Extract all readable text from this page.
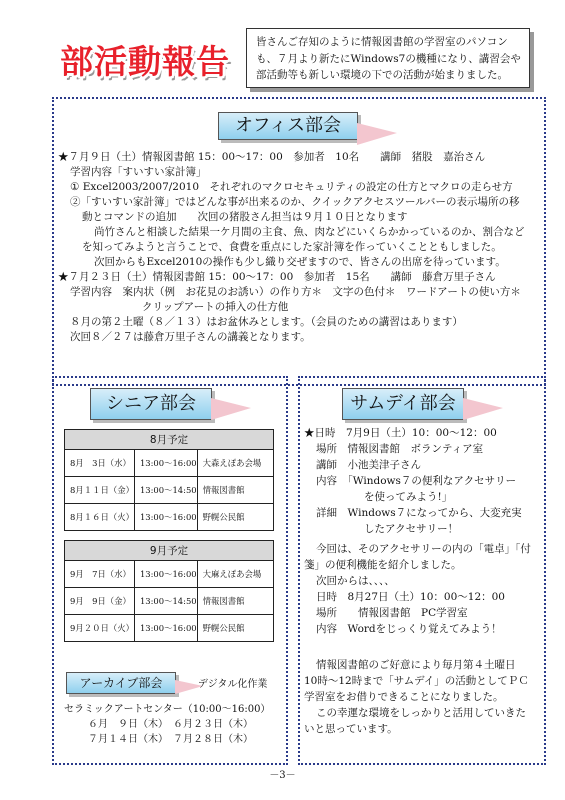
部活動報告 皆さんご存知のように情報図書館の学習室のパソコン
も、７月より新たにWindows7の機種になり、講習会や
部活動等も新しい環境の下での活動が始まりました。
オフィス部会
★７月９日（土）情報図書館 15：00～17：00　参加者　10名　　講師　猪股　嘉治さん
学習内容「すいすい家計簿」
① Excel2003/2007/2010　それぞれのマクロセキュリティの設定の仕方とマクロの走らせ方
②「すいすい家計簿」ではどんな事が出来るのか、クイックアクセスツールバーの表示場所の移
動とコマンドの追加　　次回の猪股さん担当は９月１０日となります
尚竹さんと相談した結果一ケ月間の主食、魚、肉などにいくらかかっているのか、割合など
を知ってみようと言うことで、食費を重点にした家計簿を作っていくことともしました。
次回からもExcel2010の操作も少し織り交ぜますので、皆さんの出席を待っています。
★７月２３日（土）情報図書館 15：00～17：00　参加者　15名　　講師　藤倉万里子さん
学習内容　案内状（例　お花見のお誘い）の作り方＊　文字の色付＊　ワードアートの使い方＊
クリップアートの挿入の仕方他
８月の第２土曜（８／１３）はお盆休みとします。（会員のための講習はあります）
次回８／２７は藤倉万里子さんの講義となります。
シニア部会
8月予定		
8月　3日（水）	13:00～16:00	大森えぽあ会場
8月１１日（金）	13:00～14:50	情報図書館
8月１６日（火）	13:00～16:00	野幌公民館
9月予定		
9月　7日（水）	13:00～16:00	大麻えぽあ会場
9月　9日（金）	13:00～14:50	情報図書館
9月２０日（火）	13:00～16:00	野幌公民館
アーカイブ部会	デジタル化作業
セラミックアートセンター（10:00～16:00）
６月　９日（木）　６月２３日（木）
７月１４日（木）　７月２８日（木）
サムデイ部会
★日時　7月9日（土）10：00～12：00
場所　情報図書館　ボランティア室
講師　小池美津子さん
内容　「Windows７の便利なアクセサリー
を使ってみよう!」
詳細　Windows７になってから、大変充実
したアクセサリー！
今回は、そのアクセサリーの内の「電卓」「付
箋」の便利機能を紹介しました。
次回からは、、、、
日時　8月27日（土）10：00～12：00
場所　　情報図書館　PC学習室
内容　Wordをじっくり覚えてみよう！
情報図書館のご好意により毎月第４土曜日
10時～12時まで「サムデイ」の活動としてＰＣ
学習室をお借りできることになりました。
この幸運な環境をしっかりと活用していきた
いと思っています。
－3－
